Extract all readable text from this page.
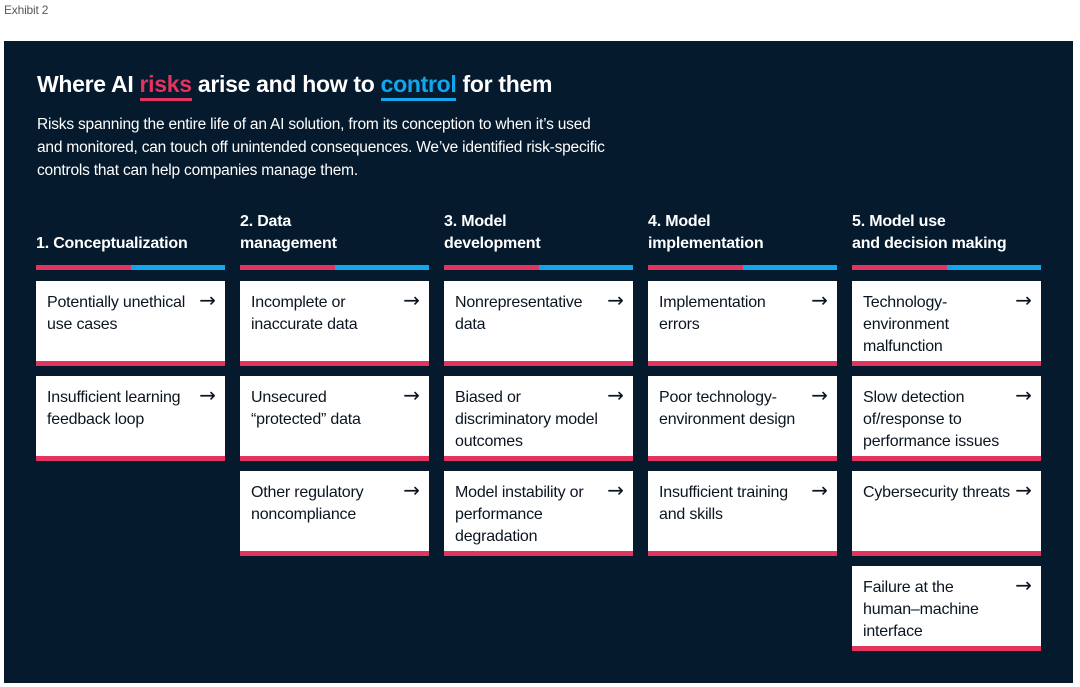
Exhibit 2
Where AI risks arise and how to control for them
Risks spanning the entire life of an AI solution, from its conception to when it’s used and monitored, can touch off unintended consequences. We’ve identified risk-specific controls that can help companies manage them.
1. Conceptualization
Potentially unethical use cases
→
Insufficient learning feedback loop
→
2. Data
management
Incomplete or inaccurate data
→
Unsecured “protected” data
→
Other regulatory noncompliance
→
3. Model
development
Nonrepresentative data
→
Biased or discriminatory model outcomes
→
Model instability or performance degradation
→
4. Model
implementation
Implementation errors
→
Poor technology-environment design
→
Insufficient training and skills
→
5. Model use
and decision making
Technology-environment malfunction
→
Slow detection of/response to performance issues
→
Cybersecurity threats →
Failure at the human–machine interface
→
